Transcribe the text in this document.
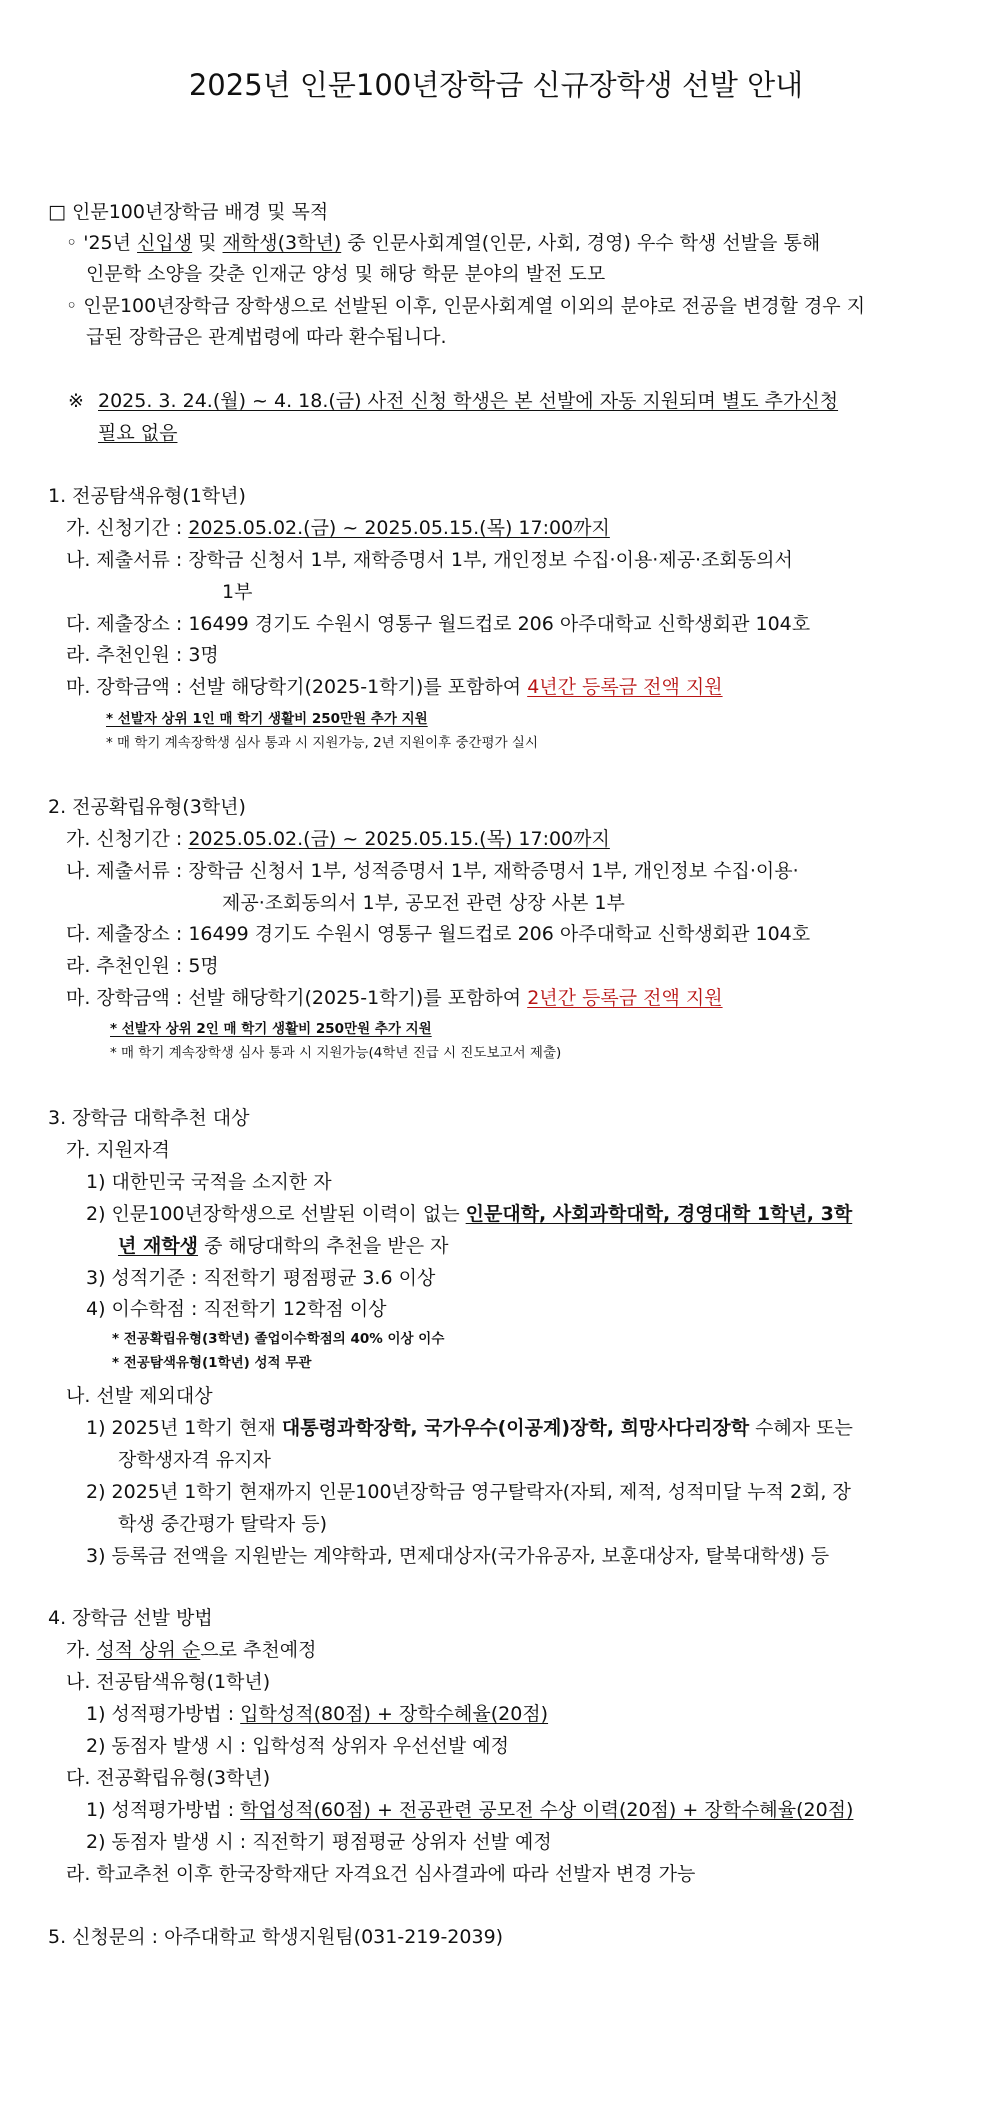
2025년 인문100년장학금 신규장학생 선발 안내
□ 인문100년장학금 배경 및 목적
◦ '25년 신입생 및 재학생(3학년) 중 인문사회계열(인문, 사회, 경영) 우수 학생 선발을 통해
인문학 소양을 갖춘 인재군 양성 및 해당 학문 분야의 발전 도모
◦ 인문100년장학금 장학생으로 선발된 이후, 인문사회계열 이외의 분야로 전공을 변경할 경우 지
급된 장학금은 관계법령에 따라 환수됩니다.
※ 2025. 3. 24.(월) ~ 4. 18.(금) 사전 신청 학생은 본 선발에 자동 지원되며 별도 추가신청
필요 없음
1. 전공탐색유형(1학년)
가. 신청기간 : 2025.05.02.(금) ~ 2025.05.15.(목) 17:00까지
나. 제출서류 : 장학금 신청서 1부, 재학증명서 1부, 개인정보 수집·이용·제공·조회동의서
1부
다. 제출장소 : 16499 경기도 수원시 영통구 월드컵로 206 아주대학교 신학생회관 104호
라. 추천인원 : 3명
마. 장학금액 : 선발 해당학기(2025-1학기)를 포함하여 4년간 등록금 전액 지원
* 선발자 상위 1인 매 학기 생활비 250만원 추가 지원
* 매 학기 계속장학생 심사 통과 시 지원가능, 2년 지원이후 중간평가 실시
2. 전공확립유형(3학년)
가. 신청기간 : 2025.05.02.(금) ~ 2025.05.15.(목) 17:00까지
나. 제출서류 : 장학금 신청서 1부, 성적증명서 1부, 재학증명서 1부, 개인정보 수집·이용·
제공·조회동의서 1부, 공모전 관련 상장 사본 1부
다. 제출장소 : 16499 경기도 수원시 영통구 월드컵로 206 아주대학교 신학생회관 104호
라. 추천인원 : 5명
마. 장학금액 : 선발 해당학기(2025-1학기)를 포함하여 2년간 등록금 전액 지원
* 선발자 상위 2인 매 학기 생활비 250만원 추가 지원
* 매 학기 계속장학생 심사 통과 시 지원가능(4학년 진급 시 진도보고서 제출)
3. 장학금 대학추천 대상
가. 지원자격
1) 대한민국 국적을 소지한 자
2) 인문100년장학생으로 선발된 이력이 없는 인문대학, 사회과학대학, 경영대학 1학년, 3학
년 재학생 중 해당대학의 추천을 받은 자
3) 성적기준 : 직전학기 평점평균 3.6 이상
4) 이수학점 : 직전학기 12학점 이상
* 전공확립유형(3학년) 졸업이수학점의 40% 이상 이수
* 전공탐색유형(1학년) 성적 무관
나. 선발 제외대상
1) 2025년 1학기 현재 대통령과학장학, 국가우수(이공계)장학, 희망사다리장학 수혜자 또는
장학생자격 유지자
2) 2025년 1학기 현재까지 인문100년장학금 영구탈락자(자퇴, 제적, 성적미달 누적 2회, 장
학생 중간평가 탈락자 등)
3) 등록금 전액을 지원받는 계약학과, 면제대상자(국가유공자, 보훈대상자, 탈북대학생) 등
4. 장학금 선발 방법
가. 성적 상위 순으로 추천예정
나. 전공탐색유형(1학년)
1) 성적평가방법 : 입학성적(80점) + 장학수혜율(20점)
2) 동점자 발생 시 : 입학성적 상위자 우선선발 예정
다. 전공확립유형(3학년)
1) 성적평가방법 : 학업성적(60점) + 전공관련 공모전 수상 이력(20점) + 장학수혜율(20점)
2) 동점자 발생 시 : 직전학기 평점평균 상위자 선발 예정
라. 학교추천 이후 한국장학재단 자격요건 심사결과에 따라 선발자 변경 가능
5. 신청문의 : 아주대학교 학생지원팀(031-219-2039)
